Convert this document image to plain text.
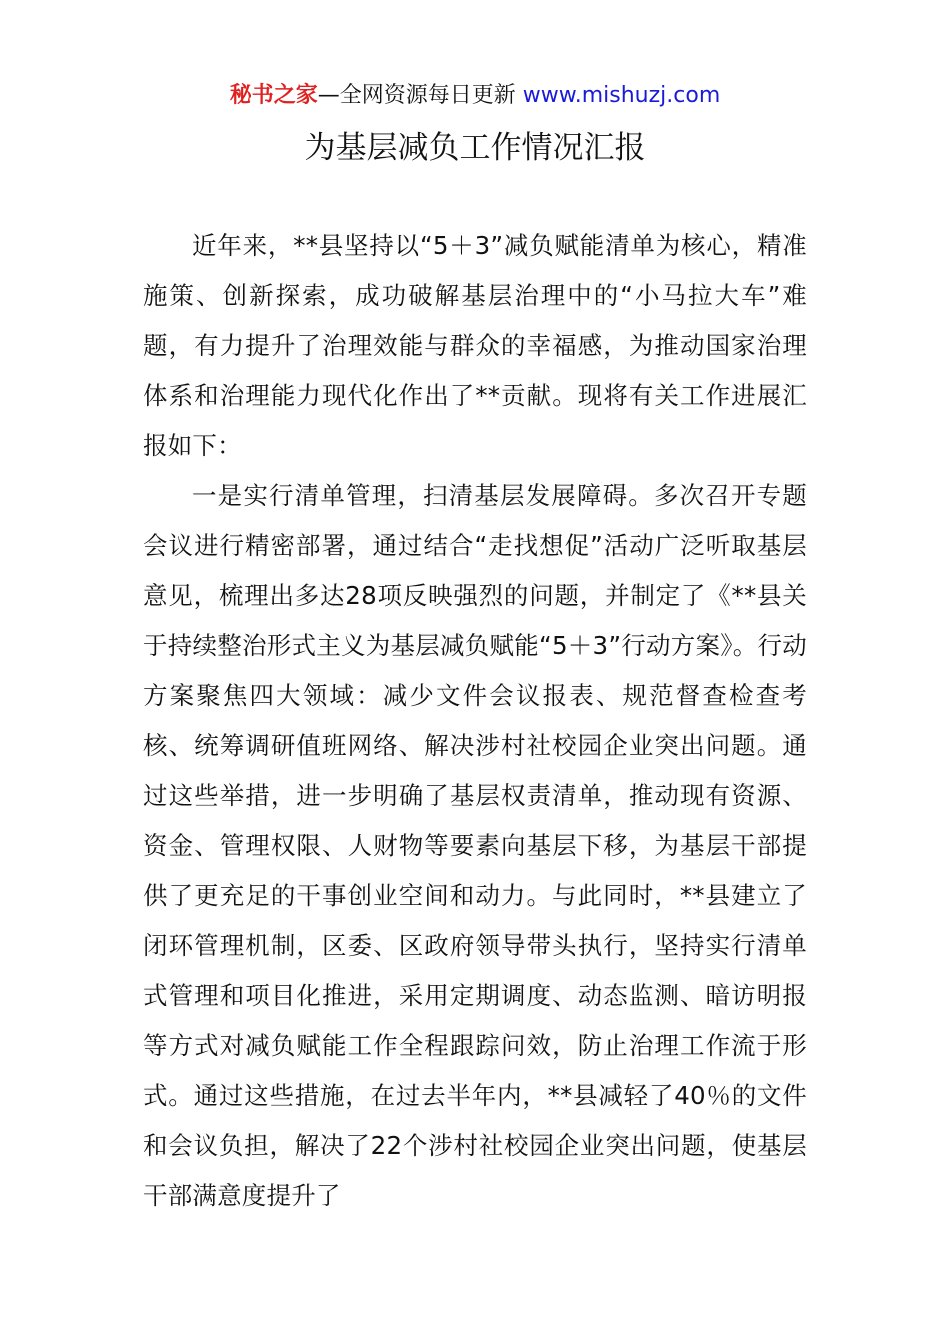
秘书之家—全网资源每日更新 www.mishuzj.com
为基层减负工作情况汇报

近年来，**县坚持以“5＋3”减负赋能清单为核心，精准施策、创新探索，成功破解基层治理中的“小马拉大车”难题，有力提升了治理效能与群众的幸福感，为推动国家治理体系和治理能力现代化作出了**贡献。现将有关工作进展汇报如下：

一是实行清单管理，扫清基层发展障碍。多次召开专题会议进行精密部署，通过结合“走找想促”活动广泛听取基层意见，梳理出多达28项反映强烈的问题，并制定了《**县关于持续整治形式主义为基层减负赋能“5＋3”行动方案》。行动方案聚焦四大领域：减少文件会议报表、规范督查检查考核、统筹调研值班网络、解决涉村社校园企业突出问题。通过这些举措，进一步明确了基层权责清单，推动现有资源、资金、管理权限、人财物等要素向基层下移，为基层干部提供了更充足的干事创业空间和动力。与此同时，**县建立了闭环管理机制，区委、区政府领导带头执行，坚持实行清单式管理和项目化推进，采用定期调度、动态监测、暗访明报等方式对减负赋能工作全程跟踪问效，防止治理工作流于形式。通过这些措施，在过去半年内，**县减轻了40％的文件和会议负担，解决了22个涉村社校园企业突出问题，使基层干部满意度提升了
